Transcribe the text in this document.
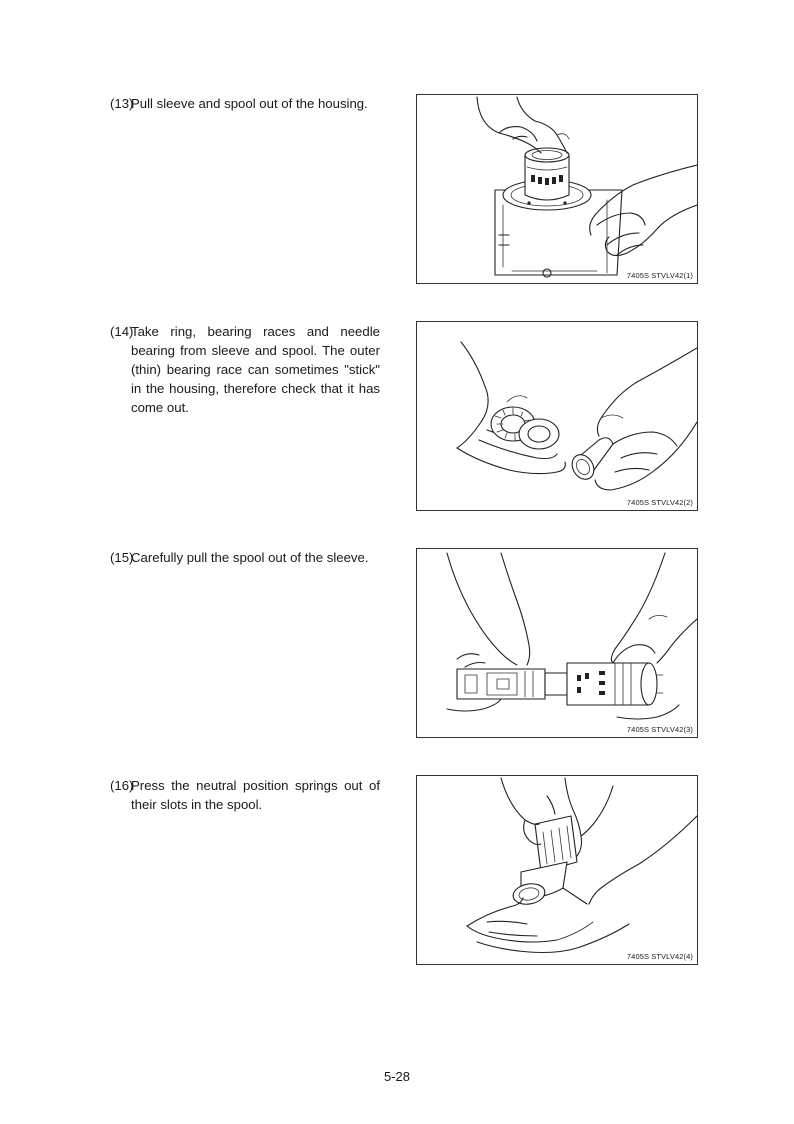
(13)
Pull sleeve and spool out of the housing.
7405S STVLV42(1)
(14)
Take ring, bearing races and needle bearing from sleeve and spool. The outer (thin) bearing race can sometimes "stick" in the housing, therefore check that it has come out.
7405S STVLV42(2)
(15)
Carefully pull the spool out of the sleeve.
7405S STVLV42(3)
(16)
Press the neutral position springs out of their slots in the spool.
7405S STVLV42(4)
5-28
